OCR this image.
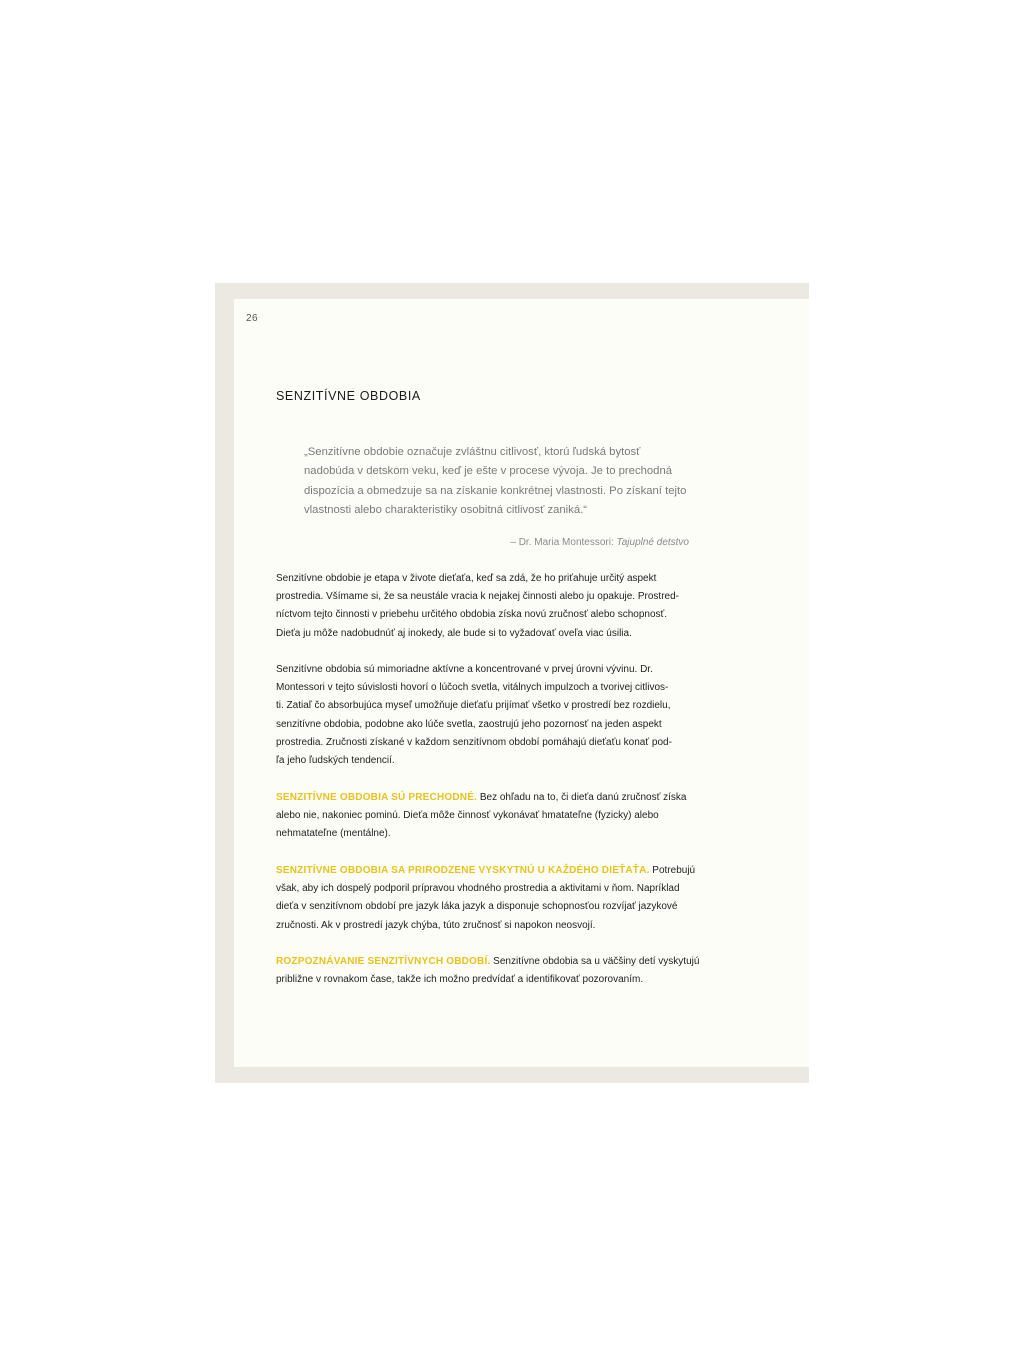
26
SENZITÍVNE OBDOBIA
„Senzitívne obdobie označuje zvláštnu citlivosť, ktorú ľudská bytosť
nadobúda v detskom veku, keď je ešte v procese vývoja. Je to prechodná
dispozícia a obmedzuje sa na získanie konkrétnej vlastnosti. Po získaní tejto
vlastnosti alebo charakteristiky osobitná citlivosť zaniká.“
– Dr. Maria Montessori: Tajuplné detstvo
Senzitívne obdobie je etapa v živote dieťaťa, keď sa zdá, že ho priťahuje určitý aspekt
prostredia. Všímame si, že sa neustále vracia k nejakej činnosti alebo ju opakuje. Prostred-
níctvom tejto činnosti v priebehu určitého obdobia získa novú zručnosť alebo schopnosť.
Dieťa ju môže nadobudnúť aj inokedy, ale bude si to vyžadovať oveľa viac úsilia.
Senzitívne obdobia sú mimoriadne aktívne a koncentrované v prvej úrovni vývinu. Dr.
Montessori v tejto súvislosti hovorí o lúčoch svetla, vitálnych impulzoch a tvorivej citlivos-
ti. Zatiaľ čo absorbujúca myseľ umožňuje dieťaťu prijímať všetko v prostredí bez rozdielu,
senzitívne obdobia, podobne ako lúče svetla, zaostrujú jeho pozornosť na jeden aspekt
prostredia. Zručnosti získané v každom senzitívnom období pomáhajú dieťaťu konať pod-
ľa jeho ľudských tendencií.
SENZITÍVNE OBDOBIA SÚ PRECHODNÉ. Bez ohľadu na to, či dieťa danú zručnosť získa
alebo nie, nakoniec pominú. Dieťa môže činnosť vykonávať hmatateľne (fyzicky) alebo
nehmatateľne (mentálne).
SENZITÍVNE OBDOBIA SA PRIRODZENE VYSKYTNÚ U KAŽDÉHO DIEŤAŤA. Potrebujú
však, aby ich dospelý podporil prípravou vhodného prostredia a aktivitami v ňom. Napríklad
dieťa v senzitívnom období pre jazyk láka jazyk a disponuje schopnosťou rozvíjať jazykové
zručnosti. Ak v prostredí jazyk chýba, túto zručnosť si napokon neosvojí.
ROZPOZNÁVANIE SENZITÍVNYCH OBDOBÍ. Senzitívne obdobia sa u väčšiny detí vyskytujú
približne v rovnakom čase, takže ich možno predvídať a identifikovať pozorovaním.
